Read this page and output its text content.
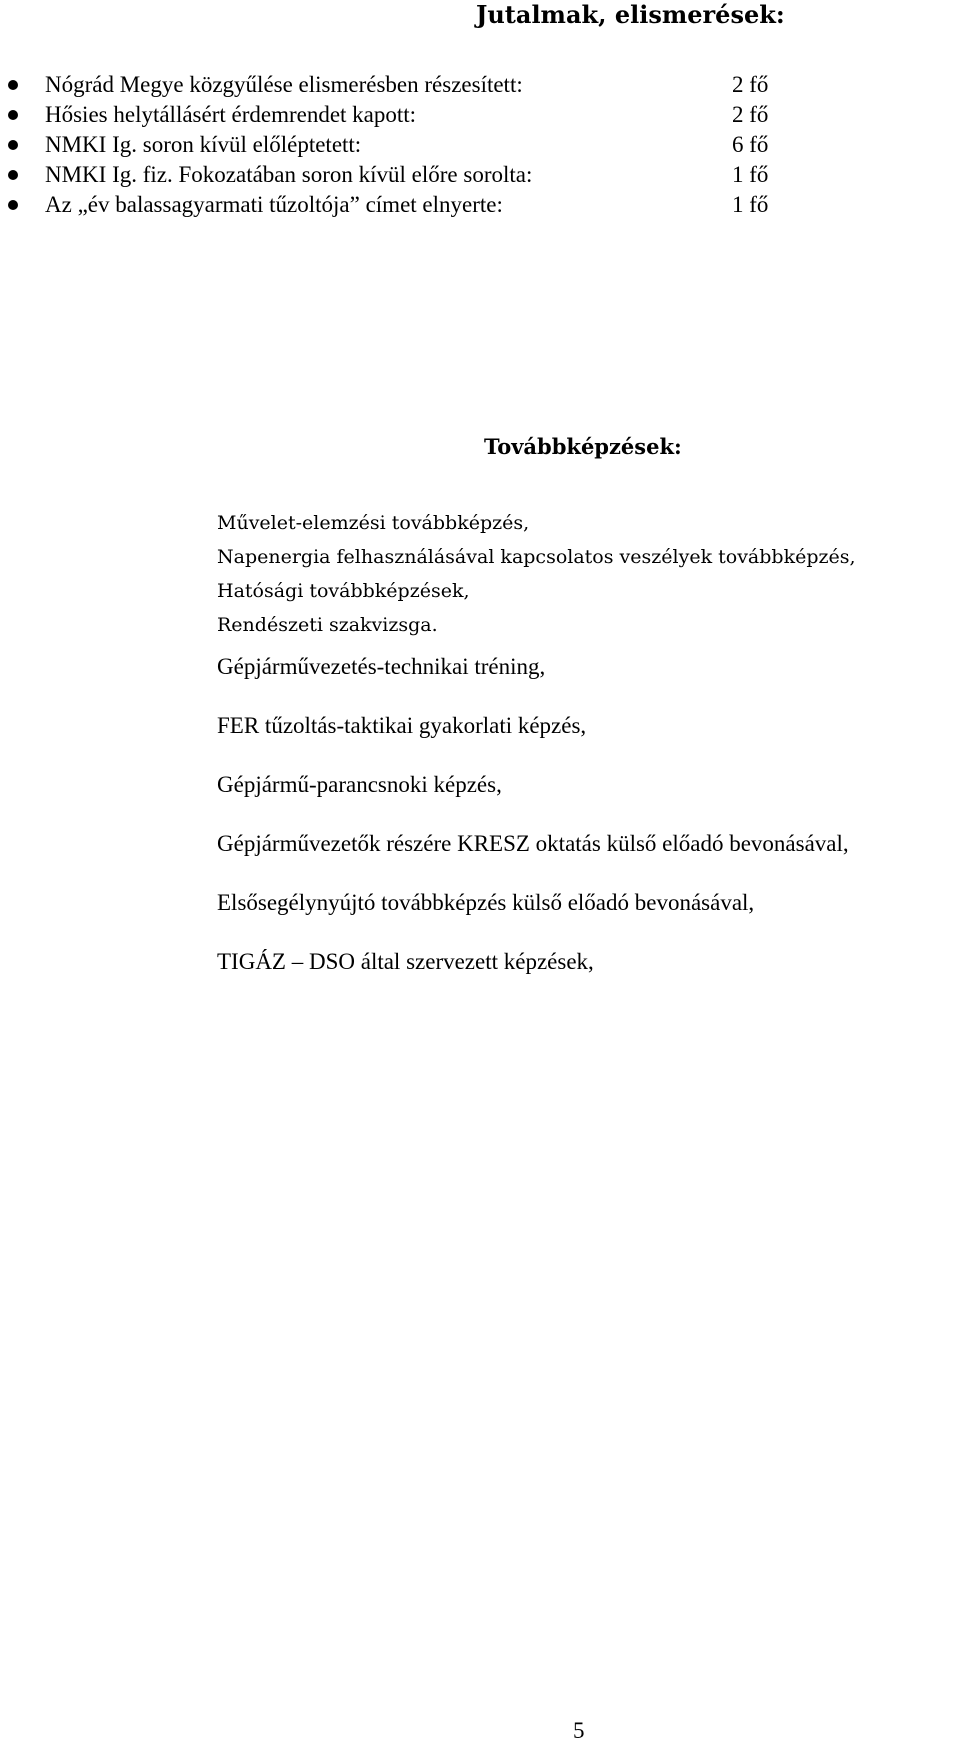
Jutalmak, elismerések:
Nógrád Megye közgyűlése elismerésben részesített:	2 fő
Hősies helytállásért érdemrendet kapott:	2 fő
NMKI Ig. soron kívül előléptetett:	6 fő
NMKI Ig. fiz. Fokozatában soron kívül előre sorolta:	1 fő
Az „év balassagyarmati tűzoltója” címet elnyerte:	1 fő
Továbbképzések:
Művelet-elemzési továbbképzés,
Napenergia felhasználásával kapcsolatos veszélyek továbbképzés,
Hatósági továbbképzések,
Rendészeti szakvizsga.
Gépjárművezetés-technikai tréning,
FER tűzoltás-taktikai gyakorlati képzés,
Gépjármű-parancsnoki képzés,
Gépjárművezetők részére KRESZ oktatás külső előadó bevonásával,
Elsősegélynyújtó továbbképzés külső előadó bevonásával,
TIGÁZ – DSO által szervezett képzések,
5
